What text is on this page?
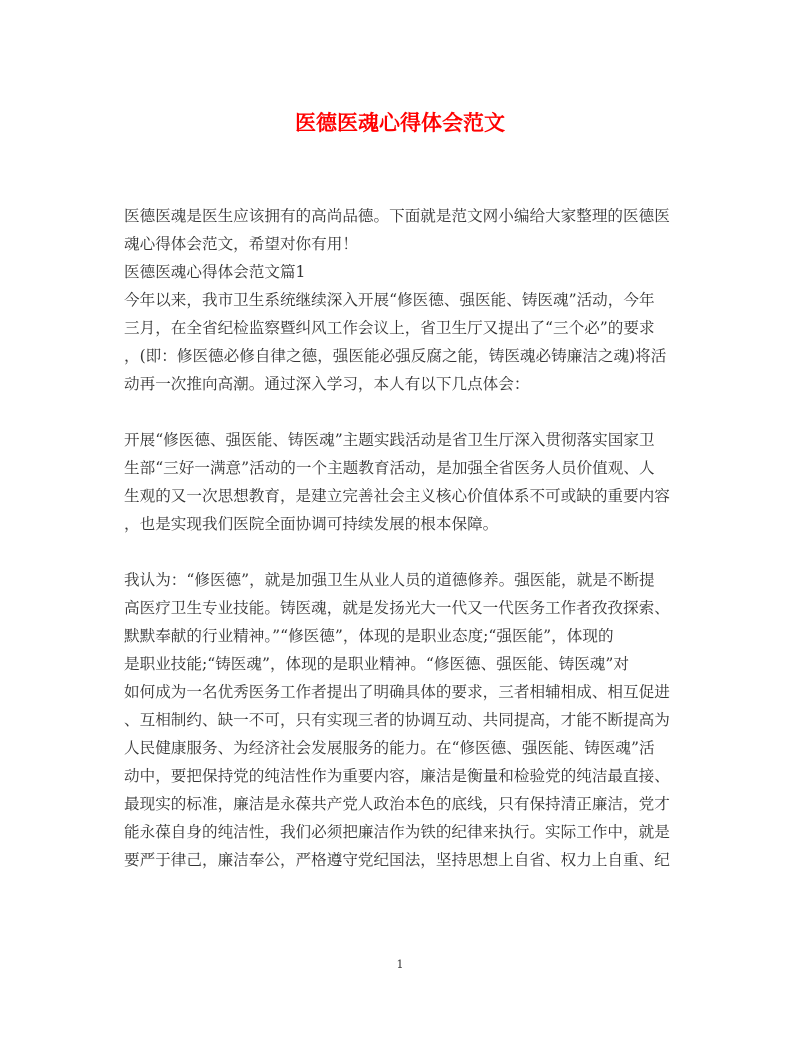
医德医魂心得体会范文
医德医魂是医生应该拥有的高尚品德。下面就是范文网小编给大家整理的医德医
魂心得体会范文，希望对你有用！
医德医魂心得体会范文篇1
今年以来，我市卫生系统继续深入开展“修医德、强医能、铸医魂”活动，今年
三月，在全省纪检监察暨纠风工作会议上，省卫生厅又提出了“三个必”的要求
，(即：修医德必修自律之德，强医能必强反腐之能，铸医魂必铸廉洁之魂)将活
动再一次推向高潮。通过深入学习，本人有以下几点体会：
开展“修医德、强医能、铸医魂”主题实践活动是省卫生厅深入贯彻落实国家卫
生部“三好一满意”活动的一个主题教育活动，是加强全省医务人员价值观、人
生观的又一次思想教育，是建立完善社会主义核心价值体系不可或缺的重要内容
，也是实现我们医院全面协调可持续发展的根本保障。
我认为：“修医德”，就是加强卫生从业人员的道德修养。强医能，就是不断提
高医疗卫生专业技能。铸医魂，就是发扬光大一代又一代医务工作者孜孜探索、
默默奉献的行业精神。”“修医德”，体现的是职业态度;“强医能”，体现的
是职业技能;“铸医魂”，体现的是职业精神。“修医德、强医能、铸医魂”对
如何成为一名优秀医务工作者提出了明确具体的要求，三者相辅相成、相互促进
、互相制约、缺一不可，只有实现三者的协调互动、共同提高，才能不断提高为
人民健康服务、为经济社会发展服务的能力。在“修医德、强医能、铸医魂”活
动中，要把保持党的纯洁性作为重要内容，廉洁是衡量和检验党的纯洁最直接、
最现实的标准，廉洁是永葆共产党人政治本色的底线，只有保持清正廉洁，党才
能永葆自身的纯洁性，我们必须把廉洁作为铁的纪律来执行。实际工作中，就是
要严于律己，廉洁奉公，严格遵守党纪国法，坚持思想上自省、权力上自重、纪
1
